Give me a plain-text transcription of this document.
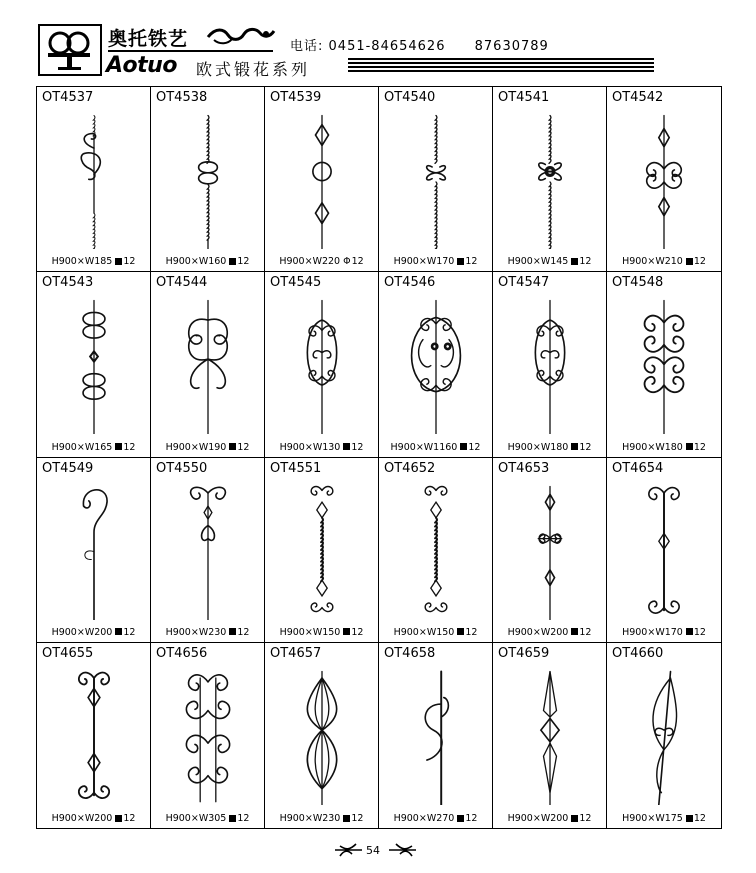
奥托铁艺	电话: 0451-84654626 87630789
Aotuo 欧式锻花系列
OT4537
H900×W185 12
OT4538
H900×W160 12
OT4539
H900×W220 Φ12
OT4540
H900×W170 12
OT4541
H900×W145 12
OT4542
H900×W210 12
OT4543
H900×W165 12
OT4544
H900×W190 12
OT4545
H900×W130 12
OT4546
H900×W1160 12
OT4547
H900×W180 12
OT4548
H900×W180 12
OT4549
H900×W200 12
OT4550
H900×W230 12
OT4551
H900×W150 12
OT4652
H900×W150 12
OT4653
H900×W200 12
OT4654
H900×W170 12
OT4655
H900×W200 12
OT4656
H900×W305 12
OT4657
H900×W230 12
OT4658
H900×W270 12
OT4659
H900×W200 12
OT4660
H900×W175 12
54
